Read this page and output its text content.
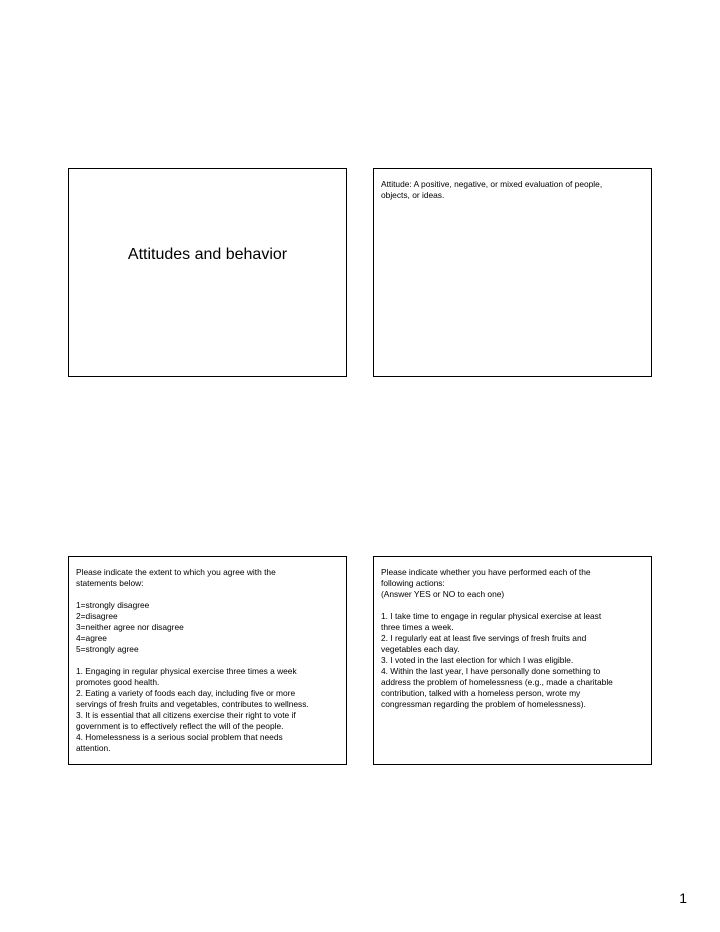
Attitudes and behavior
Attitude: A positive, negative, or mixed evaluation of people,
objects, or ideas.
Please indicate the extent to which you agree with the
statements below:
1=strongly disagree
2=disagree
3=neither agree nor disagree
4=agree
5=strongly agree
1. Engaging in regular physical exercise three times a week
promotes good health.
2. Eating a variety of foods each day, including five or more
servings of fresh fruits and vegetables, contributes to wellness.
3. It is essential that all citizens exercise their right to vote if
government is to effectively reflect the will of the people.
4. Homelessness is a serious social problem that needs
attention.
Please indicate whether you have performed each of the
following actions:
(Answer YES or NO to each one)
1. I take time to engage in regular physical exercise at least
three times a week.
2. I regularly eat at least five servings of fresh fruits and
vegetables each day.
3. I voted in the last election for which I was eligible.
4. Within the last year, I have personally done something to
address the problem of homelessness (e.g., made a charitable
contribution, talked with a homeless person, wrote my
congressman regarding the problem of homelessness).
1
